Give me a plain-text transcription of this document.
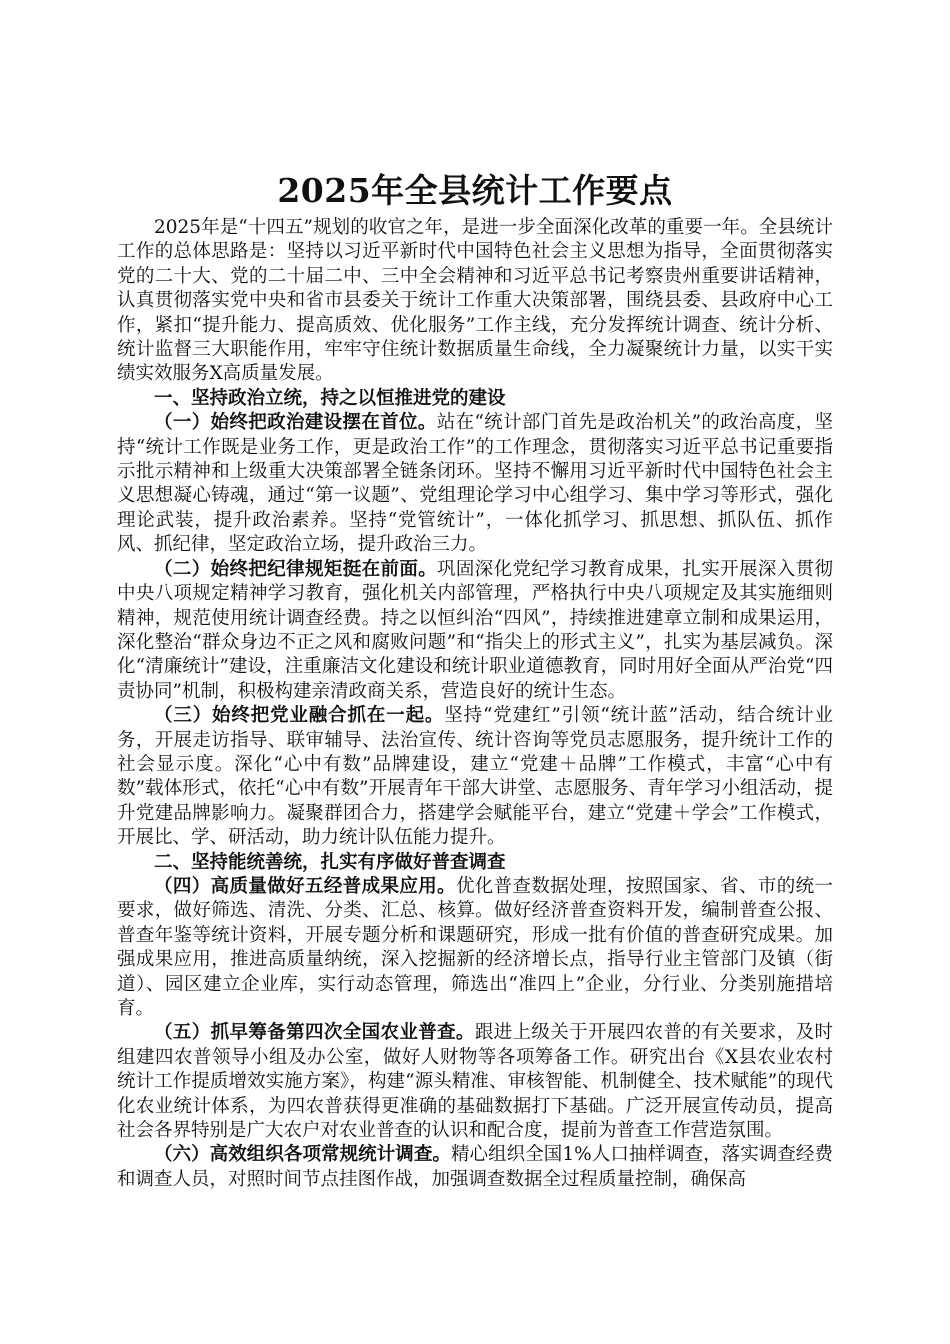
2025年全县统计工作要点

2025年是“十四五”规划的收官之年，是进一步全面深化改革的重要一年。全县统计工作的总体思路是：坚持以习近平新时代中国特色社会主义思想为指导，全面贯彻落实党的二十大、党的二十届二中、三中全会精神和习近平总书记考察贵州重要讲话精神，认真贯彻落实党中央和省市县委关于统计工作重大决策部署，围绕县委、县政府中心工作，紧扣“提升能力、提高质效、优化服务”工作主线，充分发挥统计调查、统计分析、统计监督三大职能作用，牢牢守住统计数据质量生命线，全力凝聚统计力量，以实干实绩实效服务X高质量发展。

一、坚持政治立统，持之以恒推进党的建设

（一）始终把政治建设摆在首位。站在“统计部门首先是政治机关”的政治高度，坚持“统计工作既是业务工作，更是政治工作”的工作理念，贯彻落实习近平总书记重要指示批示精神和上级重大决策部署全链条闭环。坚持不懈用习近平新时代中国特色社会主义思想凝心铸魂，通过“第一议题”、党组理论学习中心组学习、集中学习等形式，强化理论武装，提升政治素养。坚持“党管统计”，一体化抓学习、抓思想、抓队伍、抓作风、抓纪律，坚定政治立场，提升政治三力。

（二）始终把纪律规矩挺在前面。巩固深化党纪学习教育成果，扎实开展深入贯彻中央八项规定精神学习教育，强化机关内部管理，严格执行中央八项规定及其实施细则精神，规范使用统计调查经费。持之以恒纠治“四风”，持续推进建章立制和成果运用，深化整治“群众身边不正之风和腐败问题”和“指尖上的形式主义”，扎实为基层减负。深化“清廉统计”建设，注重廉洁文化建设和统计职业道德教育，同时用好全面从严治党“四责协同”机制，积极构建亲清政商关系，营造良好的统计生态。

（三）始终把党业融合抓在一起。坚持“党建红”引领“统计蓝”活动，结合统计业务，开展走访指导、联审辅导、法治宣传、统计咨询等党员志愿服务，提升统计工作的社会显示度。深化“心中有数”品牌建设，建立“党建＋品牌”工作模式，丰富“心中有数”载体形式，依托“心中有数”开展青年干部大讲堂、志愿服务、青年学习小组活动，提升党建品牌影响力。凝聚群团合力，搭建学会赋能平台，建立“党建＋学会”工作模式，开展比、学、研活动，助力统计队伍能力提升。

二、坚持能统善统，扎实有序做好普查调查

（四）高质量做好五经普成果应用。优化普查数据处理，按照国家、省、市的统一要求，做好筛选、清洗、分类、汇总、核算。做好经济普查资料开发，编制普查公报、普查年鉴等统计资料，开展专题分析和课题研究，形成一批有价值的普查研究成果。加强成果应用，推进高质量纳统，深入挖掘新的经济增长点，指导行业主管部门及镇（街道）、园区建立企业库，实行动态管理，筛选出“准四上”企业，分行业、分类别施措培育。

（五）抓早筹备第四次全国农业普查。跟进上级关于开展四农普的有关要求，及时组建四农普领导小组及办公室，做好人财物等各项筹备工作。研究出台《X县农业农村统计工作提质增效实施方案》，构建“源头精准、审核智能、机制健全、技术赋能”的现代化农业统计体系，为四农普获得更准确的基础数据打下基础。广泛开展宣传动员，提高社会各界特别是广大农户对农业普查的认识和配合度，提前为普查工作营造氛围。

（六）高效组织各项常规统计调查。精心组织全国1%人口抽样调查，落实调查经费和调查人员，对照时间节点挂图作战，加强调查数据全过程质量控制，确保高
